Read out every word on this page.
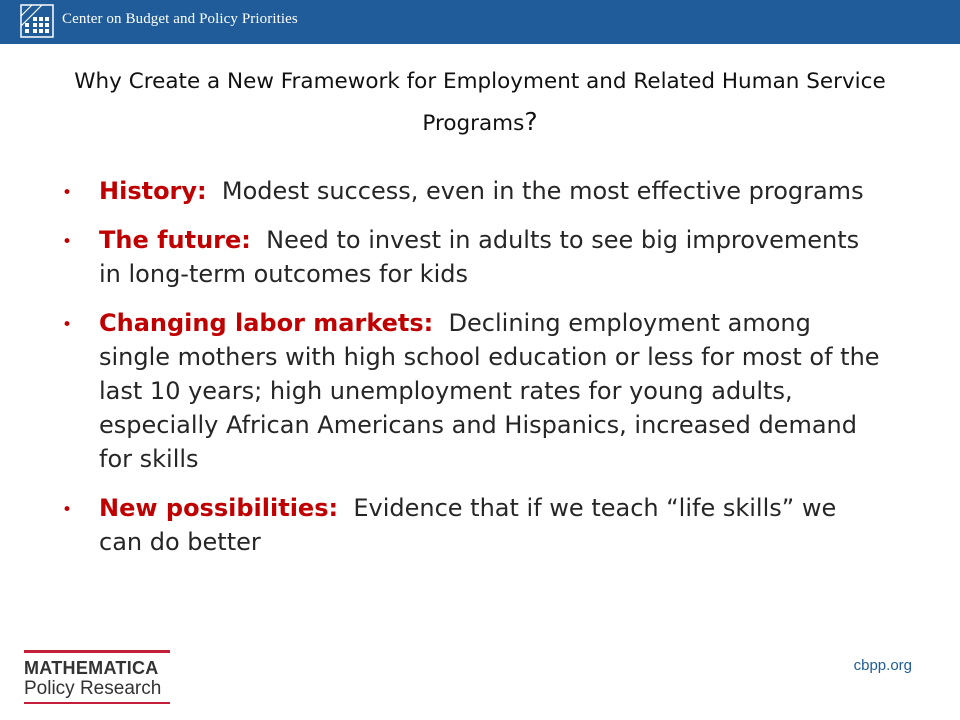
Center on Budget and Policy Priorities
Why Create a New Framework for Employment and Related Human Service Programs?
• History: Modest success, even in the most effective programs
• The future: Need to invest in adults to see big improvements in long-term outcomes for kids
• Changing labor markets: Declining employment among single mothers with high school education or less for most of the last 10 years; high unemployment rates for young adults, especially African Americans and Hispanics, increased demand for skills
• New possibilities: Evidence that if we teach “life skills” we can do better
MATHEMATICA
Policy Research
cbpp.org
